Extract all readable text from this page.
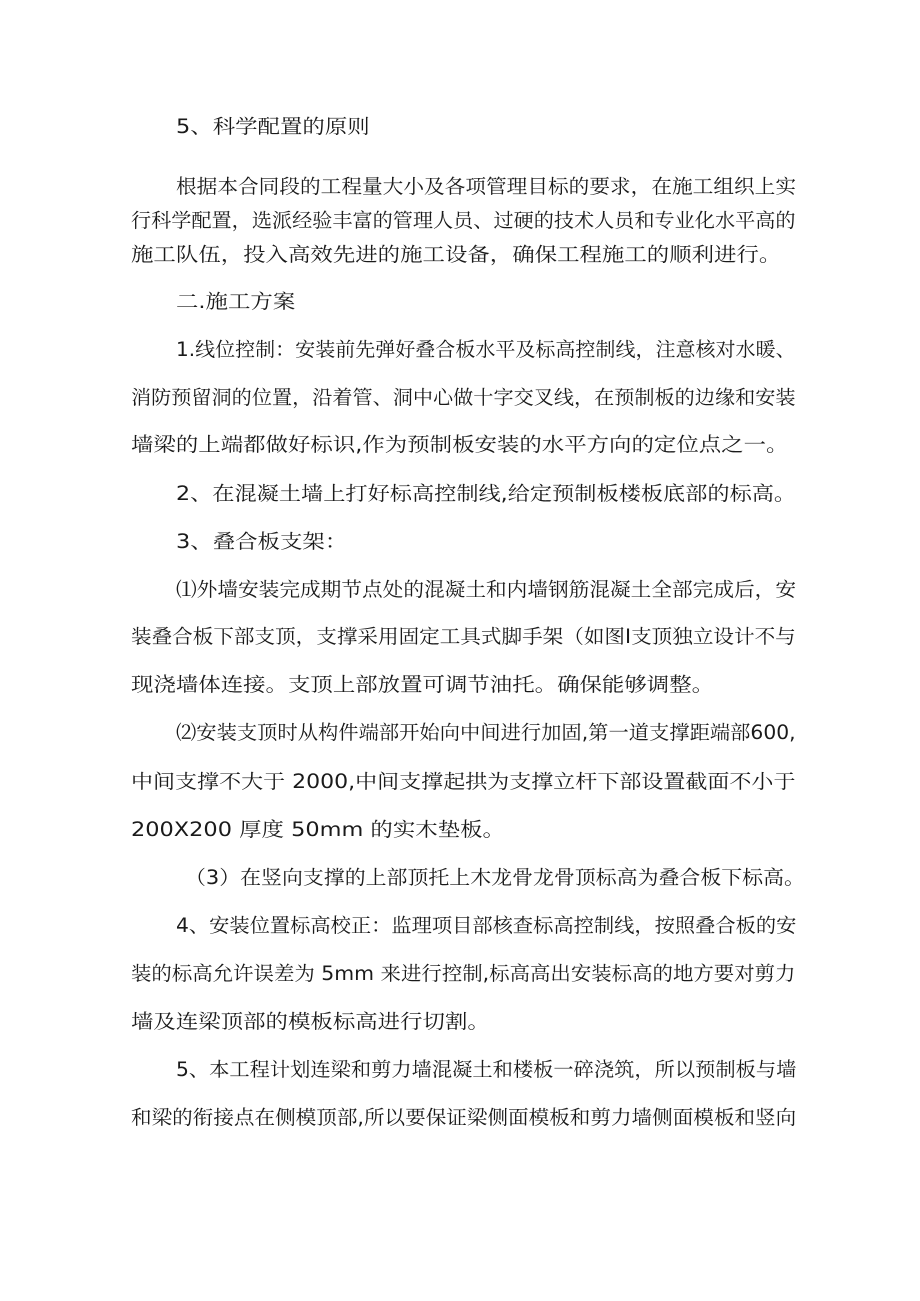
5、科学配置的原则

根据本合同段的工程量大小及各项管理目标的要求，在施工组织上实

行科学配置，选派经验丰富的管理人员、过硬的技术人员和专业化水平高的

施工队伍，投入高效先进的施工设备，确保工程施工的顺利进行。

二.施工方案

1.线位控制：安装前先弹好叠合板水平及标高控制线，注意核对水暖、

消防预留洞的位置，沿着管、洞中心做十字交叉线，在预制板的边缘和安装

墙梁的上端都做好标识,作为预制板安装的水平方向的定位点之一。

2、在混凝土墙上打好标高控制线,给定预制板楼板底部的标高。

3、叠合板支架：

⑴外墙安装完成期节点处的混凝土和内墙钢筋混凝土全部完成后，安

装叠合板下部支顶，支撑采用固定工具式脚手架（如图Ⅰ支顶独立设计不与

现浇墙体连接。支顶上部放置可调节油托。确保能够调整。

⑵安装支顶时从构件端部开始向中间进行加固,第一道支撑距端部600,

中间支撑不大于 2000,中间支撑起拱为支撑立杆下部设置截面不小于

200X200 厚度 50mm 的实木垫板。

（3）在竖向支撑的上部顶托上木龙骨龙骨顶标高为叠合板下标高。

4、安装位置标高校正：监理项目部核查标高控制线，按照叠合板的安

装的标高允许误差为 5mm 来进行控制,标高高出安装标高的地方要对剪力

墙及连梁顶部的模板标高进行切割。

5、本工程计划连梁和剪力墙混凝土和楼板一碎浇筑，所以预制板与墙

和梁的衔接点在侧模顶部,所以要保证梁侧面模板和剪力墙侧面模板和竖向
